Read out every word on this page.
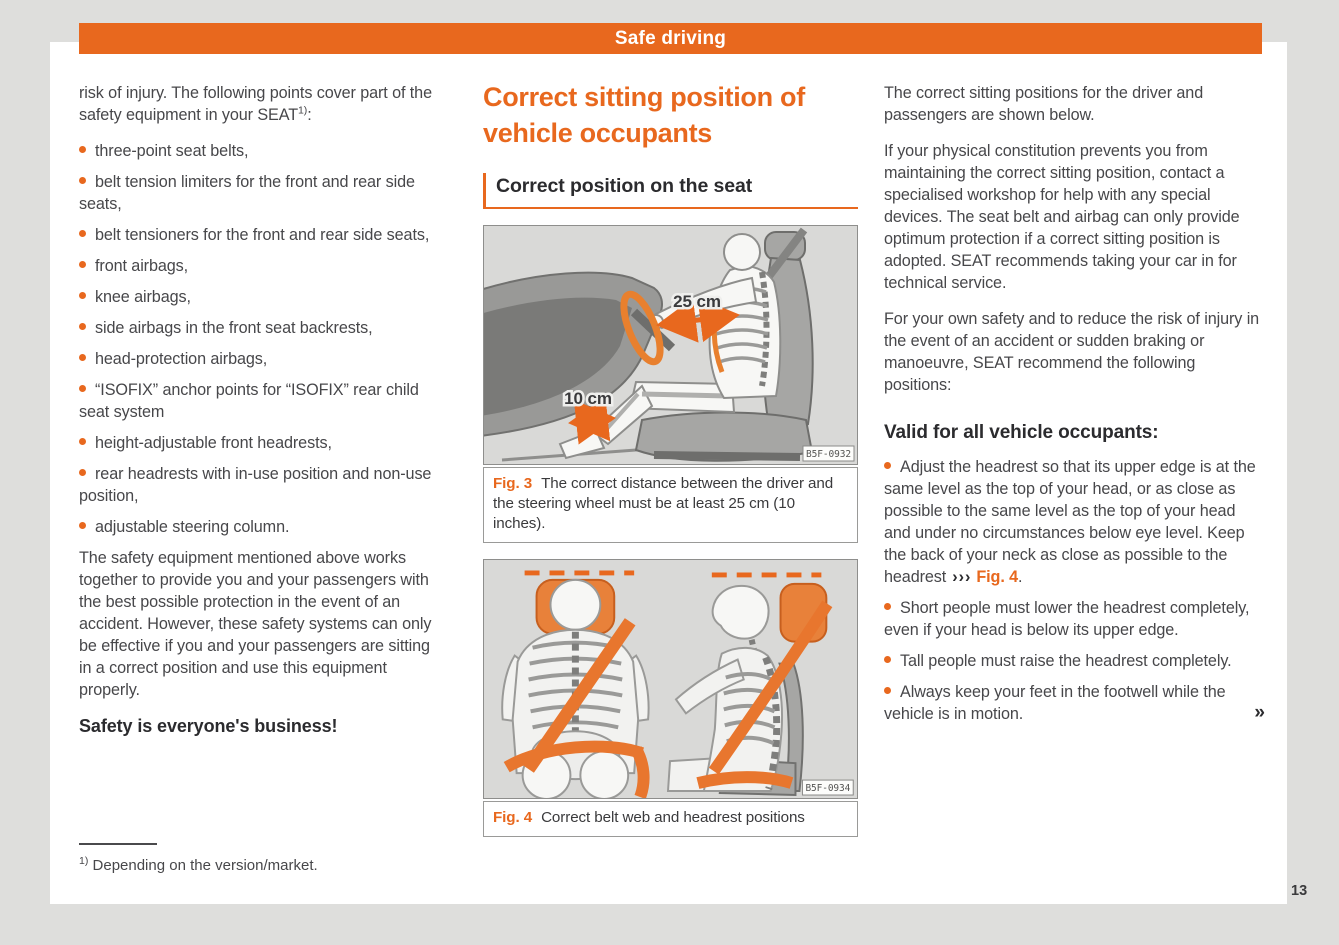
Safe driving

risk of injury. The following points cover part of the safety equipment in your SEAT$^{1)}$:

three-point seat belts,

belt tension limiters for the front and rear side seats,

belt tensioners for the front and rear side seats,

front airbags,

knee airbags,

side airbags in the front seat backrests,

head-protection airbags,

“ISOFIX” anchor points for “ISOFIX” rear child seat system

height-adjustable front headrests,

rear headrests with in-use position and non-use position,

adjustable steering column.

The safety equipment mentioned above works together to provide you and your passengers with the best possible protection in the event of an accident. However, these safety systems can only be effective if you and your passengers are sitting in a correct position and use this equipment properly.

Safety is everyone's business!

$^{1)}$ Depending on the version/market.
Correct sitting position of vehicle occupants
Correct position on the seat
25 cm
10 cm
B5F-0932
Fig. 3 The correct distance between the driver and the steering wheel must be at least 25 cm (10 inches).
B5F-0934
Fig. 4 Correct belt web and headrest positions

The correct sitting positions for the driver and passengers are shown below.

If your physical constitution prevents you from maintaining the correct sitting position, contact a specialised workshop for help with any special devices. The seat belt and airbag can only provide optimum protection if a correct sitting position is adopted. SEAT recommends taking your car in for technical service.

For your own safety and to reduce the risk of injury in the event of an accident or sudden braking or manoeuvre, SEAT recommend the following positions:

Valid for all vehicle occupants:

Adjust the headrest so that its upper edge is at the same level as the top of your head, or as close as possible to the same level as the top of your head and under no circumstances below eye level. Keep the back of your neck as close as possible to the headrest ››› Fig. 4.

Short people must lower the headrest completely, even if your head is below its upper edge.

Tall people must raise the headrest completely.

Always keep your feet in the footwell while the vehicle is in motion.	»

13
